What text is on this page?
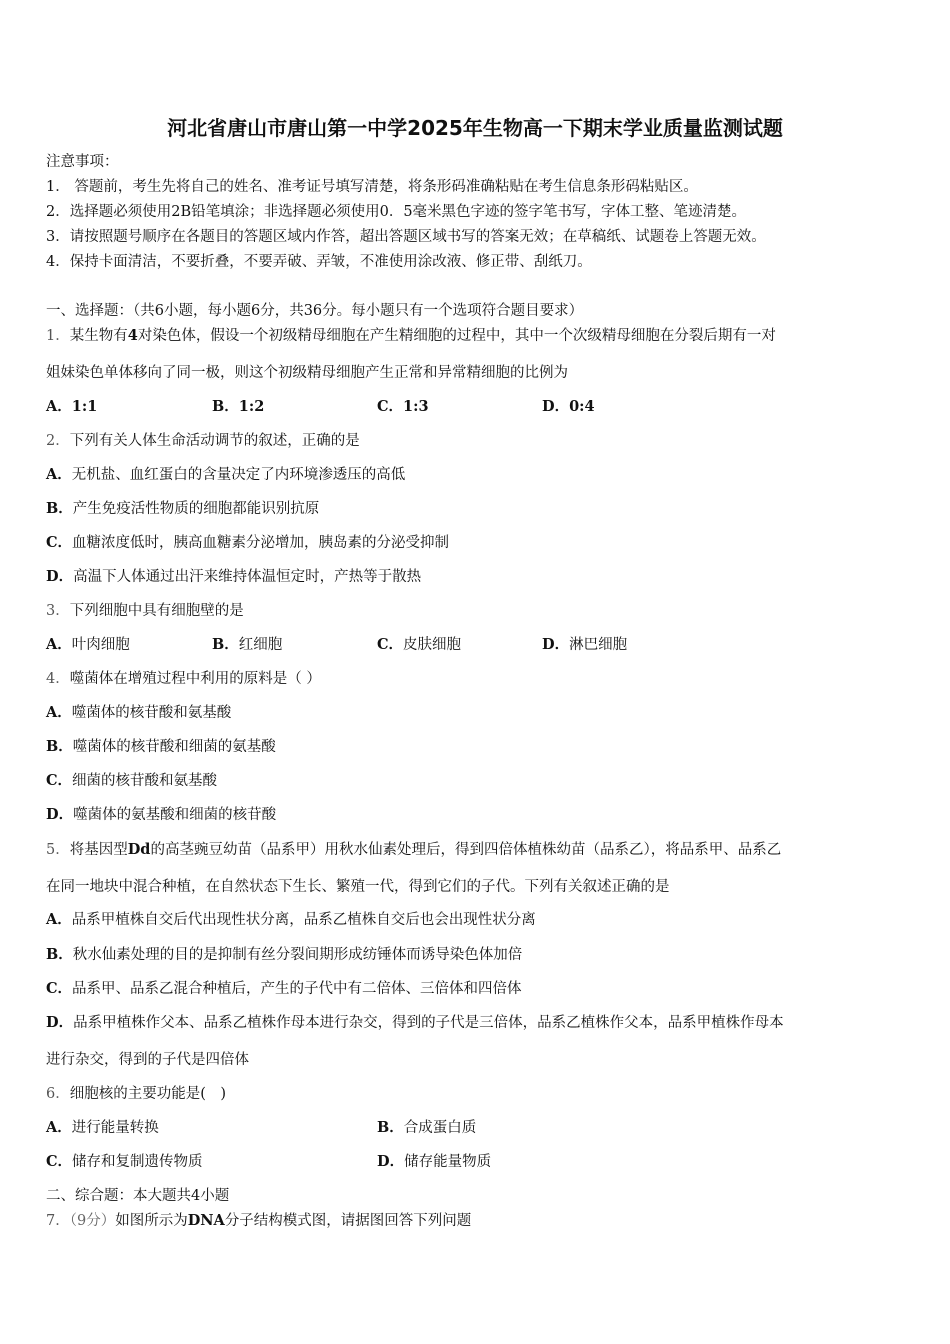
河北省唐山市唐山第一中学2025年生物高一下期末学业质量监测试题
注意事项：
1． 答题前，考生先将自己的姓名、准考证号填写清楚，将条形码准确粘贴在考生信息条形码粘贴区。
2．选择题必须使用2B铅笔填涂；非选择题必须使用0．5毫米黑色字迹的签字笔书写，字体工整、笔迹清楚。
3．请按照题号顺序在各题目的答题区域内作答，超出答题区域书写的答案无效；在草稿纸、试题卷上答题无效。
4．保持卡面清洁，不要折叠，不要弄破、弄皱，不准使用涂改液、修正带、刮纸刀。
一、选择题：（共6小题，每小题6分，共36分。每小题只有一个选项符合题目要求）
1．某生物有4对染色体，假设一个初级精母细胞在产生精细胞的过程中，其中一个次级精母细胞在分裂后期有一对
姐妹染色单体移向了同一极，则这个初级精母细胞产生正常和异常精细胞的比例为
A．1:1	B．1:2	C．1:3	D．0:4
2．下列有关人体生命活动调节的叙述，正确的是
A．无机盐、血红蛋白的含量决定了内环境渗透压的高低
B．产生免疫活性物质的细胞都能识别抗原
C．血糖浓度低时，胰高血糖素分泌增加，胰岛素的分泌受抑制
D．高温下人体通过出汗来维持体温恒定时，产热等于散热
3．下列细胞中具有细胞壁的是
A．叶肉细胞	B．红细胞	C．皮肤细胞	D．淋巴细胞
4．噬菌体在增殖过程中利用的原料是（ ）
A．噬菌体的核苷酸和氨基酸
B．噬菌体的核苷酸和细菌的氨基酸
C．细菌的核苷酸和氨基酸
D．噬菌体的氨基酸和细菌的核苷酸
5．将基因型Dd的高茎豌豆幼苗（品系甲）用秋水仙素处理后，得到四倍体植株幼苗（品系乙），将品系甲、品系乙
在同一地块中混合种植，在自然状态下生长、繁殖一代，得到它们的子代。下列有关叙述正确的是
A．品系甲植株自交后代出现性状分离，品系乙植株自交后也会出现性状分离
B．秋水仙素处理的目的是抑制有丝分裂间期形成纺锤体而诱导染色体加倍
C．品系甲、品系乙混合种植后，产生的子代中有二倍体、三倍体和四倍体
D．品系甲植株作父本、品系乙植株作母本进行杂交，得到的子代是三倍体，品系乙植株作父本，品系甲植株作母本
进行杂交，得到的子代是四倍体
6．细胞核的主要功能是(　)
A．进行能量转换	B．合成蛋白质
C．储存和复制遗传物质	D．储存能量物质
二、综合题：本大题共4小题
7．（9分）如图所示为DNA分子结构模式图，请据图回答下列问题
